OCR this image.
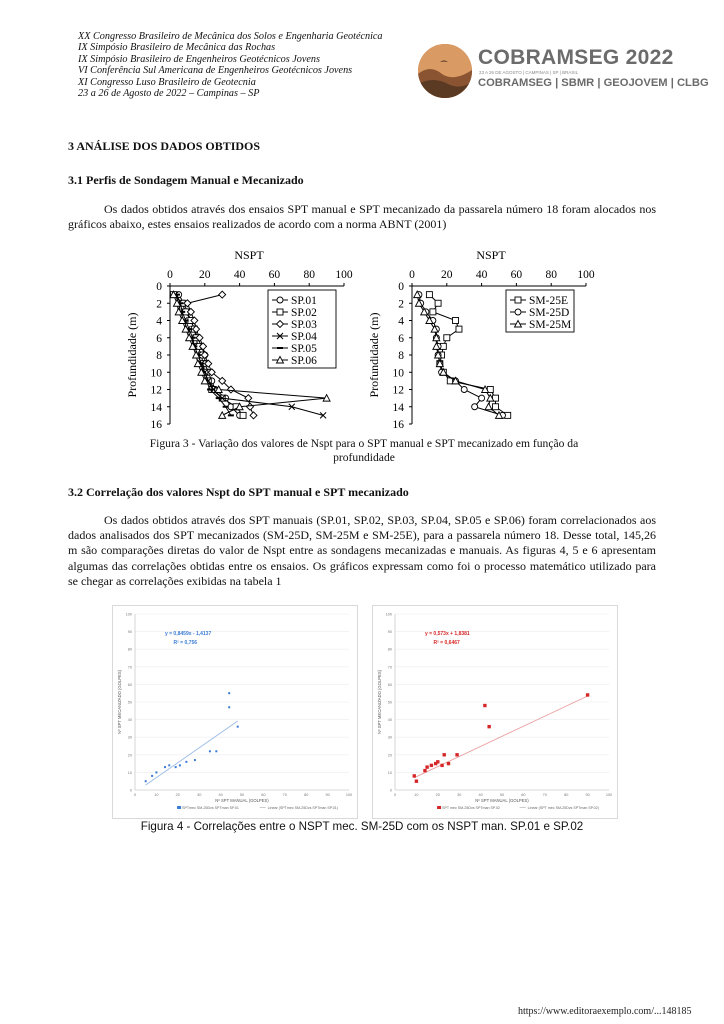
XX Congresso Brasileiro de Mecânica dos Solos e Engenharia Geotécnica
IX Simpósio Brasileiro de Mecânica das Rochas
IX Simpósio Brasileiro de Engenheiros Geotécnicos Jovens
VI Conferência Sul Americana de Engenheiros Geotécnicos Jovens
XI Congresso Luso Brasileiro de Geotecnia
23 a 26 de Agosto de 2022 – Campinas – SP
COBRAMSEG 2022
23 A 26 DE AGOSTO | CAMPINAS | SP | BRASIL
COBRAMSEG | SBMR | GEOJOVEM | CLBG
3 ANÁLISE DOS DADOS OBTIDOS
3.1 Perfis de Sondagem Manual e Mecanizado
Os dados obtidos através dos ensaios SPT manual e SPT mecanizado da passarela número 18 foram alocados nos gráficos abaixo, estes ensaios realizados de acordo com a norma ABNT (2001)
NSPT
0 20 40 60 80 100
0
2
4
6
8
10
12
14
16
Profundidade (m)
SP.01
SP.02
SP.03
SP.04
SP.05
SP.06
NSPT
0 20 40 60 80 100
0
2
4
6
8
10
12
14
16
Profundidade (m)
SM-25E
SM-25D
SM-25M
Figura 3 - Variação dos valores de Nspt para o SPT manual e SPT mecanizado em função da profundidade
3.2 Correlação dos valores Nspt do SPT manual e SPT mecanizado
Os dados obtidos através dos SPT manuais (SP.01, SP.02, SP.03, SP.04, SP.05 e SP.06) foram correlacionados aos dados analisados dos SPT mecanizados (SM-25D, SM-25M e SM-25E), para a passarela número 18. Desse total, 145,26 m são comparações diretas do valor de Nspt entre as sondagens mecanizadas e manuais. As figuras 4, 5 e 6 apresentam algumas das correlações obtidas entre os ensaios. Os gráficos expressam como foi o processo matemático utilizado para se chegar as correlações exibidas na tabela 1
0
0
10
10
20
20
30
30
40
40
50
50
60
60
70
70
80
80
90
90
100
100
Nº SPT MANUAL (GOLPES)
Nº SPT MECANIZADO (GOLPES)
y = 0,8459x - 1,4137
R² = 0,756
SPTmec SM-25Dvs SPTman SP.01	Linear (SPTmec SM-25Dvs SPTman SP.01)
0
0
10
10
20
20
30
30
40
40
50
50
60
60
70
70
80
80
90
90
100
100
Nº SPT MANUAL (GOLPES)
Nº SPT MECANIZADO (GOLPES)
y = 0,573x + 1,8381
R² = 0,6467
SPT mec SM-25Dvs SPTman SP.02	Linear (SPT mec SM-25Dvs SPTman SP.02)
Figura 4 - Correlações entre o NSPT mec. SM-25D com os NSPT man. SP.01 e SP.02
https://www.editoraexemplo.com/...148185
